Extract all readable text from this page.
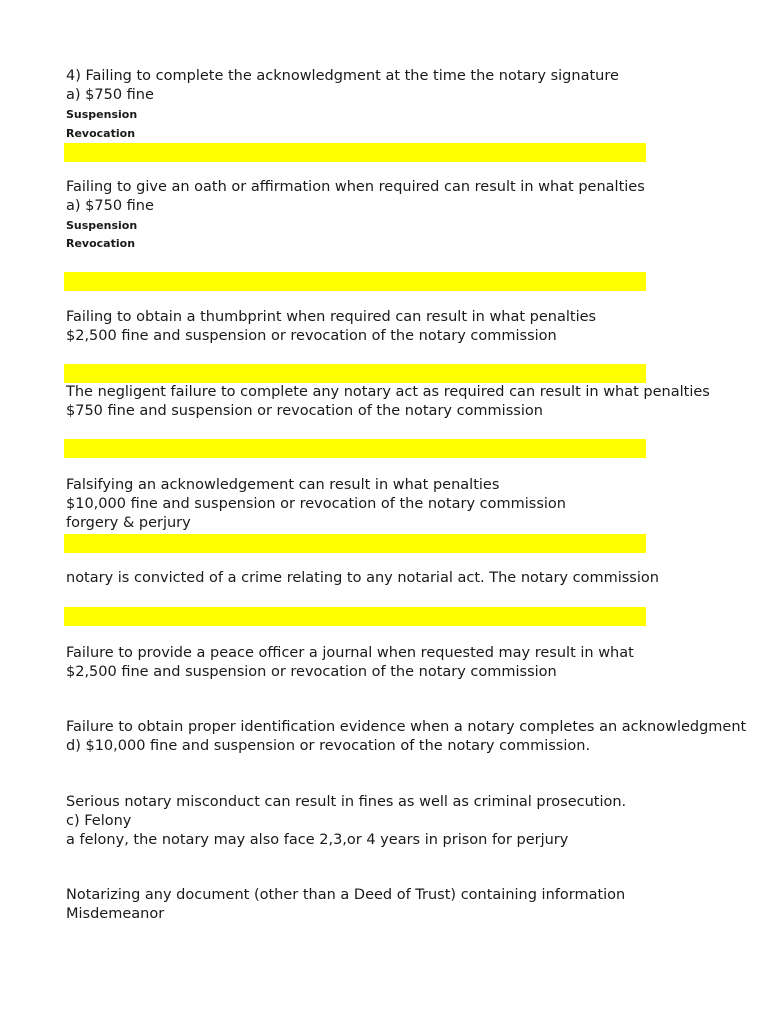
4) Failing to complete the acknowledgment at the time the notary signature
a) $750 fine
Suspension
Revocation
Failing to give an oath or affirmation when required can result in what penalties
a) $750 fine
Suspension
Revocation
Failing to obtain a thumbprint when required can result in what penalties
$2,500 fine and suspension or revocation of the notary commission
The negligent failure to complete any notary act as required can result in what penalties
$750 fine and suspension or revocation of the notary commission
Falsifying an acknowledgement can result in what penalties
$10,000 fine and suspension or revocation of the notary commission
forgery & perjury
notary is convicted of a crime relating to any notarial act. The notary commission
Failure to provide a peace officer a journal when requested may result in what
$2,500 fine and suspension or revocation of the notary commission
Failure to obtain proper identification evidence when a notary completes an acknowledgment
d) $10,000 fine and suspension or revocation of the notary commission.
Serious notary misconduct can result in fines as well as criminal prosecution.
c) Felony
a felony, the notary may also face 2,3,or 4 years in prison for perjury
Notarizing any document (other than a Deed of Trust) containing information
Misdemeanor
